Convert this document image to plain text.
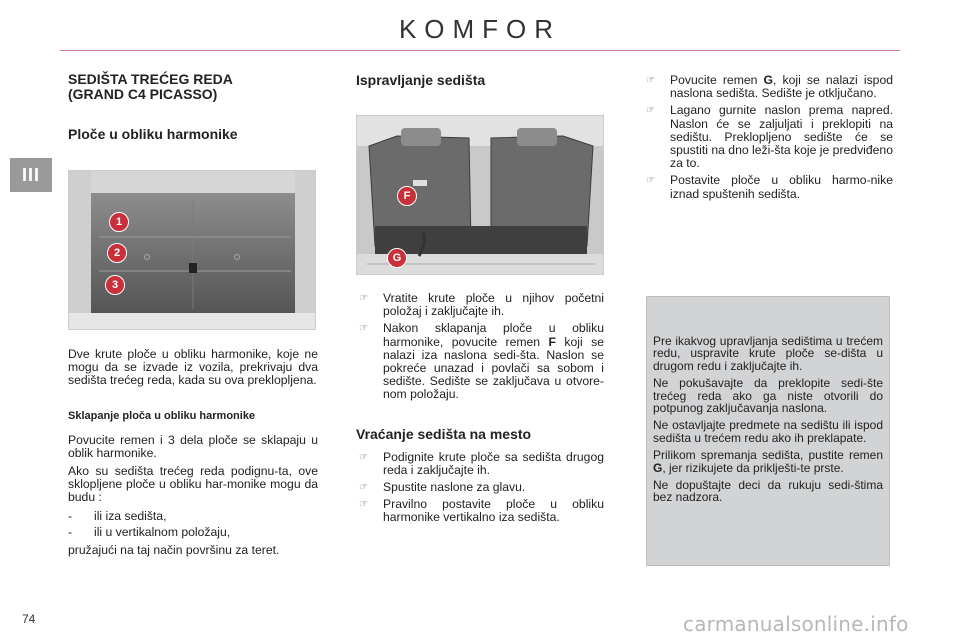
KOMFOR
III
SEDIŠTA TREĆEG REDA
(GRAND C4 PICASSO)
Ploče u obliku harmonike
1
2
3

Dve krute ploče u obliku harmonike, koje ne mogu da se izvade iz vozila, prekrivaju dva sedišta trećeg reda, kada su ova preklopljena.

Sklapanje ploča u obliku harmonike

Povucite remen i 3 dela ploče se sklapaju u oblik harmonike.

Ako su sedišta trećeg reda podignu-ta, ove sklopljene ploče u obliku har-monike mogu da budu :

- ili iza sedišta,
- ili u vertikalnom položaju,

pružajući na taj način površinu za teret.

Ispravljanje sedišta
F
G
☞ Vratite krute ploče u njihov početni položaj i zaključajte ih.
☞ Nakon sklapanja ploče u obliku harmonike, povucite remen F koji se nalazi iza naslona sedi-šta. Naslon se pokreće unazad i povlači sa sobom i sedište. Sedište se zaključava u otvore-nom položaju.
Vraćanje sedišta na mesto
☞ Podignite krute ploče sa sedišta drugog reda i zaključajte ih.
☞ Spustite naslone za glavu.
☞ Pravilno postavite ploče u obliku harmonike vertikalno iza sedišta.
☞ Povucite remen G, koji se nalazi ispod naslona sedišta. Sedište je otključano.
☞ Lagano gurnite naslon prema napred. Naslon će se zaljuljati i preklopiti na sedištu. Preklopljeno sedište će se spustiti na dno leži-šta koje je predviđeno za to.
☞ Postavite ploče u obliku harmo-nike iznad spuštenih sedišta.

Pre ikakvog upravljanja sedištima u trećem redu, uspravite krute ploče se-dišta u drugom redu i zaključajte ih.

Ne pokušavajte da preklopite sedi-šte trećeg reda ako ga niste otvorili do potpunog zaključavanja naslona.

Ne ostavljajte predmete na sedištu ili ispod sedišta u trećem redu ako ih preklapate.

Prilikom spremanja sedišta, pustite remen G, jer rizikujete da priklješti-te prste.

Ne dopuštajte deci da rukuju sedi-štima bez nadzora.

74	carmanualsonline.info
